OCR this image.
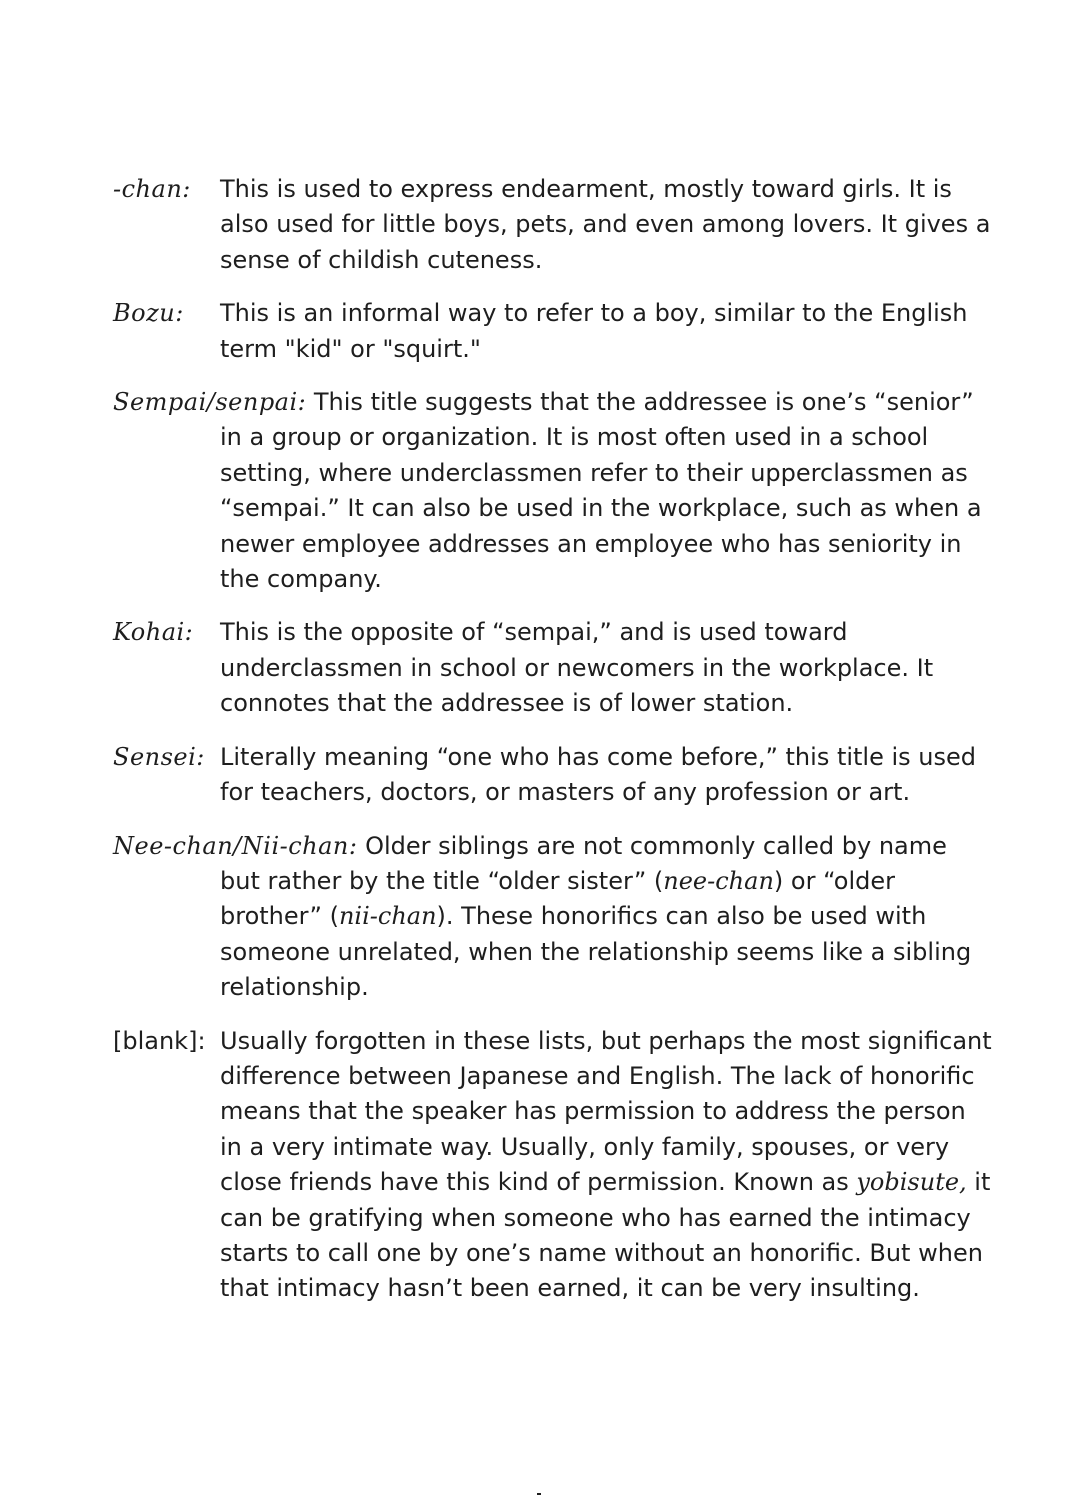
-chan: This is used to express endearment, mostly toward girls. It is also used for little boys, pets, and even among lovers. It gives a sense of childish cuteness.
Bozu: This is an informal way to refer to a boy, similar to the English term "kid" or "squirt."
Sempai/senpai: This title suggests that the addressee is one’s “senior” in a group or organization. It is most often used in a school setting, where underclassmen refer to their upperclassmen as “sempai.” It can also be used in the workplace, such as when a newer employee addresses an employee who has seniority in the company.
Kohai: This is the opposite of “sempai,” and is used toward underclassmen in school or newcomers in the workplace. It connotes that the addressee is of lower station.
Sensei: Literally meaning “one who has come before,” this title is used for teachers, doctors, or masters of any profession or art.
Nee-chan/Nii-chan: Older siblings are not commonly called by name but rather by the title “older sister” (nee-chan) or “older brother” (nii-chan). These honorifics can also be used with someone unrelated, when the relationship seems like a sibling relationship.
[blank]: Usually forgotten in these lists, but perhaps the most significant difference between Japanese and English. The lack of honorific means that the speaker has permission to address the person in a very intimate way. Usually, only family, spouses, or very close friends have this kind of permission. Known as yobisute, it can be gratifying when someone who has earned the intimacy starts to call one by one’s name without an honorific. But when that intimacy hasn’t been earned, it can be very insulting.
